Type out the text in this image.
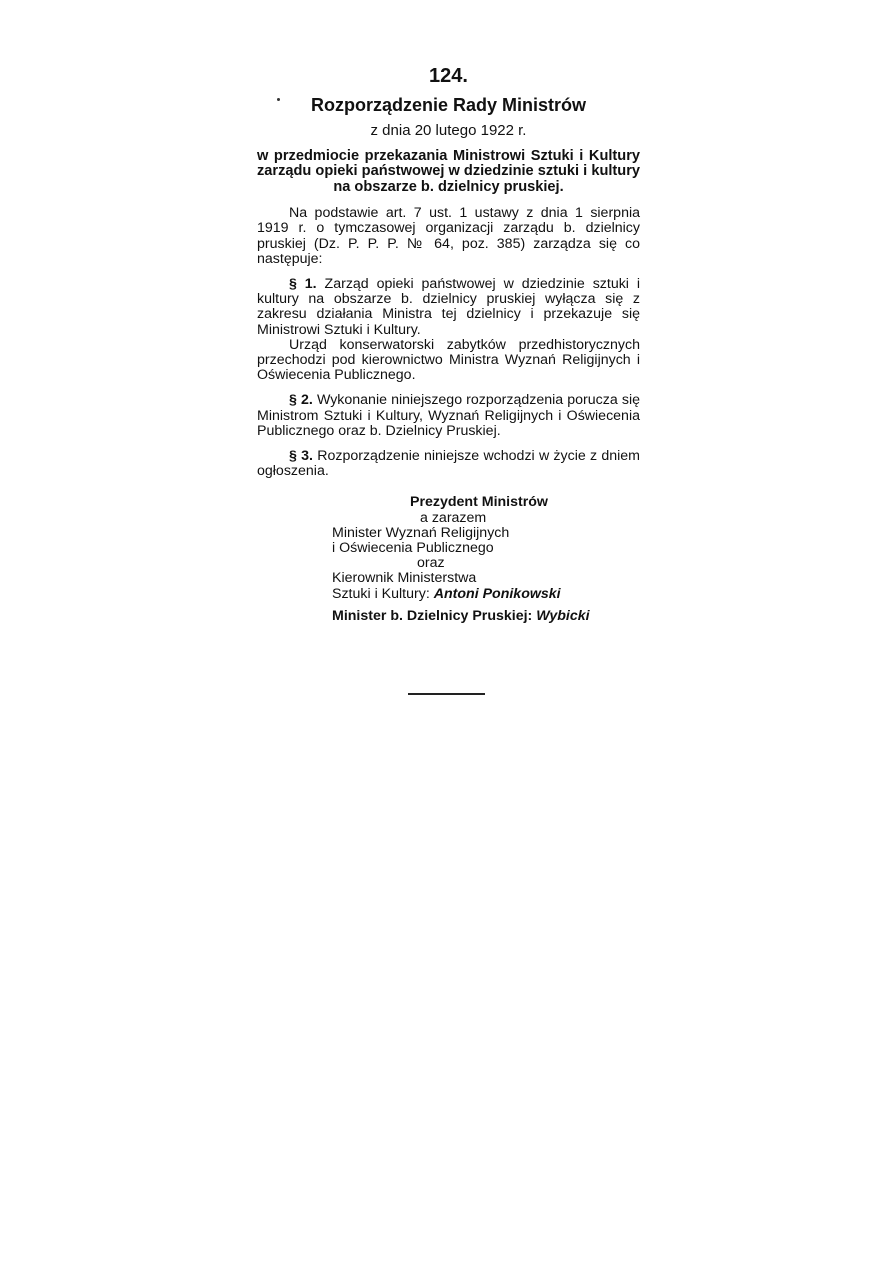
124.
Rozporządzenie Rady Ministrów
z dnia 20 lutego 1922 r.
w przedmiocie przekazania Ministrowi Sztuki i Kultury zarządu opieki państwowej w dziedzinie sztuki i kultury na obszarze b. dzielnicy pruskiej.

Na podstawie art. 7 ust. 1 ustawy z dnia 1 sierpnia 1919 r. o tymczasowej organizacji zarządu b. dzielnicy pruskiej (Dz. P. P. P. № 64, poz. 385) zarządza się co następuje:

§ 1. Zarząd opieki państwowej w dziedzinie sztuki i kultury na obszarze b. dzielnicy pruskiej wyłącza się z zakresu działania Ministra tej dzielnicy i przekazuje się Ministrowi Sztuki i Kultury.

Urząd konserwatorski zabytków przedhistorycznych przechodzi pod kierownictwo Ministra Wyznań Religijnych i Oświecenia Publicznego.

§ 2. Wykonanie niniejszego rozporządzenia porucza się Ministrom Sztuki i Kultury, Wyznań Religijnych i Oświecenia Publicznego oraz b. Dzielnicy Pruskiej.

§ 3. Rozporządzenie niniejsze wchodzi w życie z dniem ogłoszenia.

Prezydent Ministrów
a zarazem
Minister Wyznań Religijnych
i Oświecenia Publicznego
oraz
Kierownik Ministerstwa
Sztuki i Kultury: Antoni Ponikowski
Minister b. Dzielnicy Pruskiej: Wybicki
